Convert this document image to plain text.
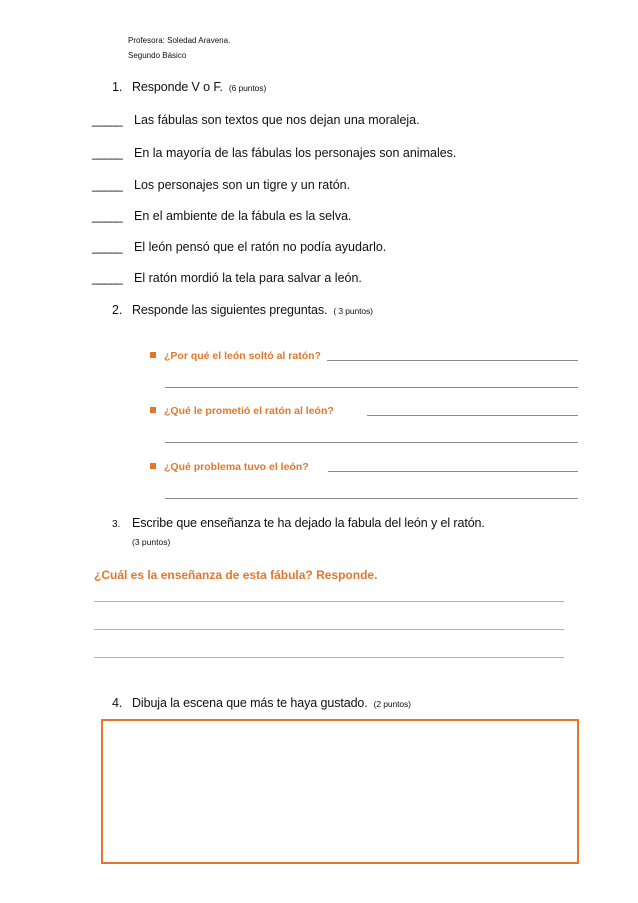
Profesora: Soledad Aravena.
Segundo Básico
1. Responde V o F. (6 puntos)
_____ Las fábulas son textos que nos dejan una moraleja.
_____ En la mayoría de las fábulas los personajes son animales.
_____ Los personajes son un tigre y un ratón.
_____ En el ambiente de la fábula es la selva.
_____ El león pensó que el ratón no podía ayudarlo.
_____ El ratón mordió la tela para salvar a león.
2. Responde las siguientes preguntas. ( 3 puntos)
¿Por qué el león soltó al ratón?
¿Qué le prometió el ratón al león?
¿Qué problema tuvo el león?
3. Escribe que enseñanza te ha dejado la fabula del león y el ratón.
(3 puntos)
¿Cuál es la enseñanza de esta fábula? Responde.
4. Dibuja la escena que más te haya gustado. (2 puntos)
